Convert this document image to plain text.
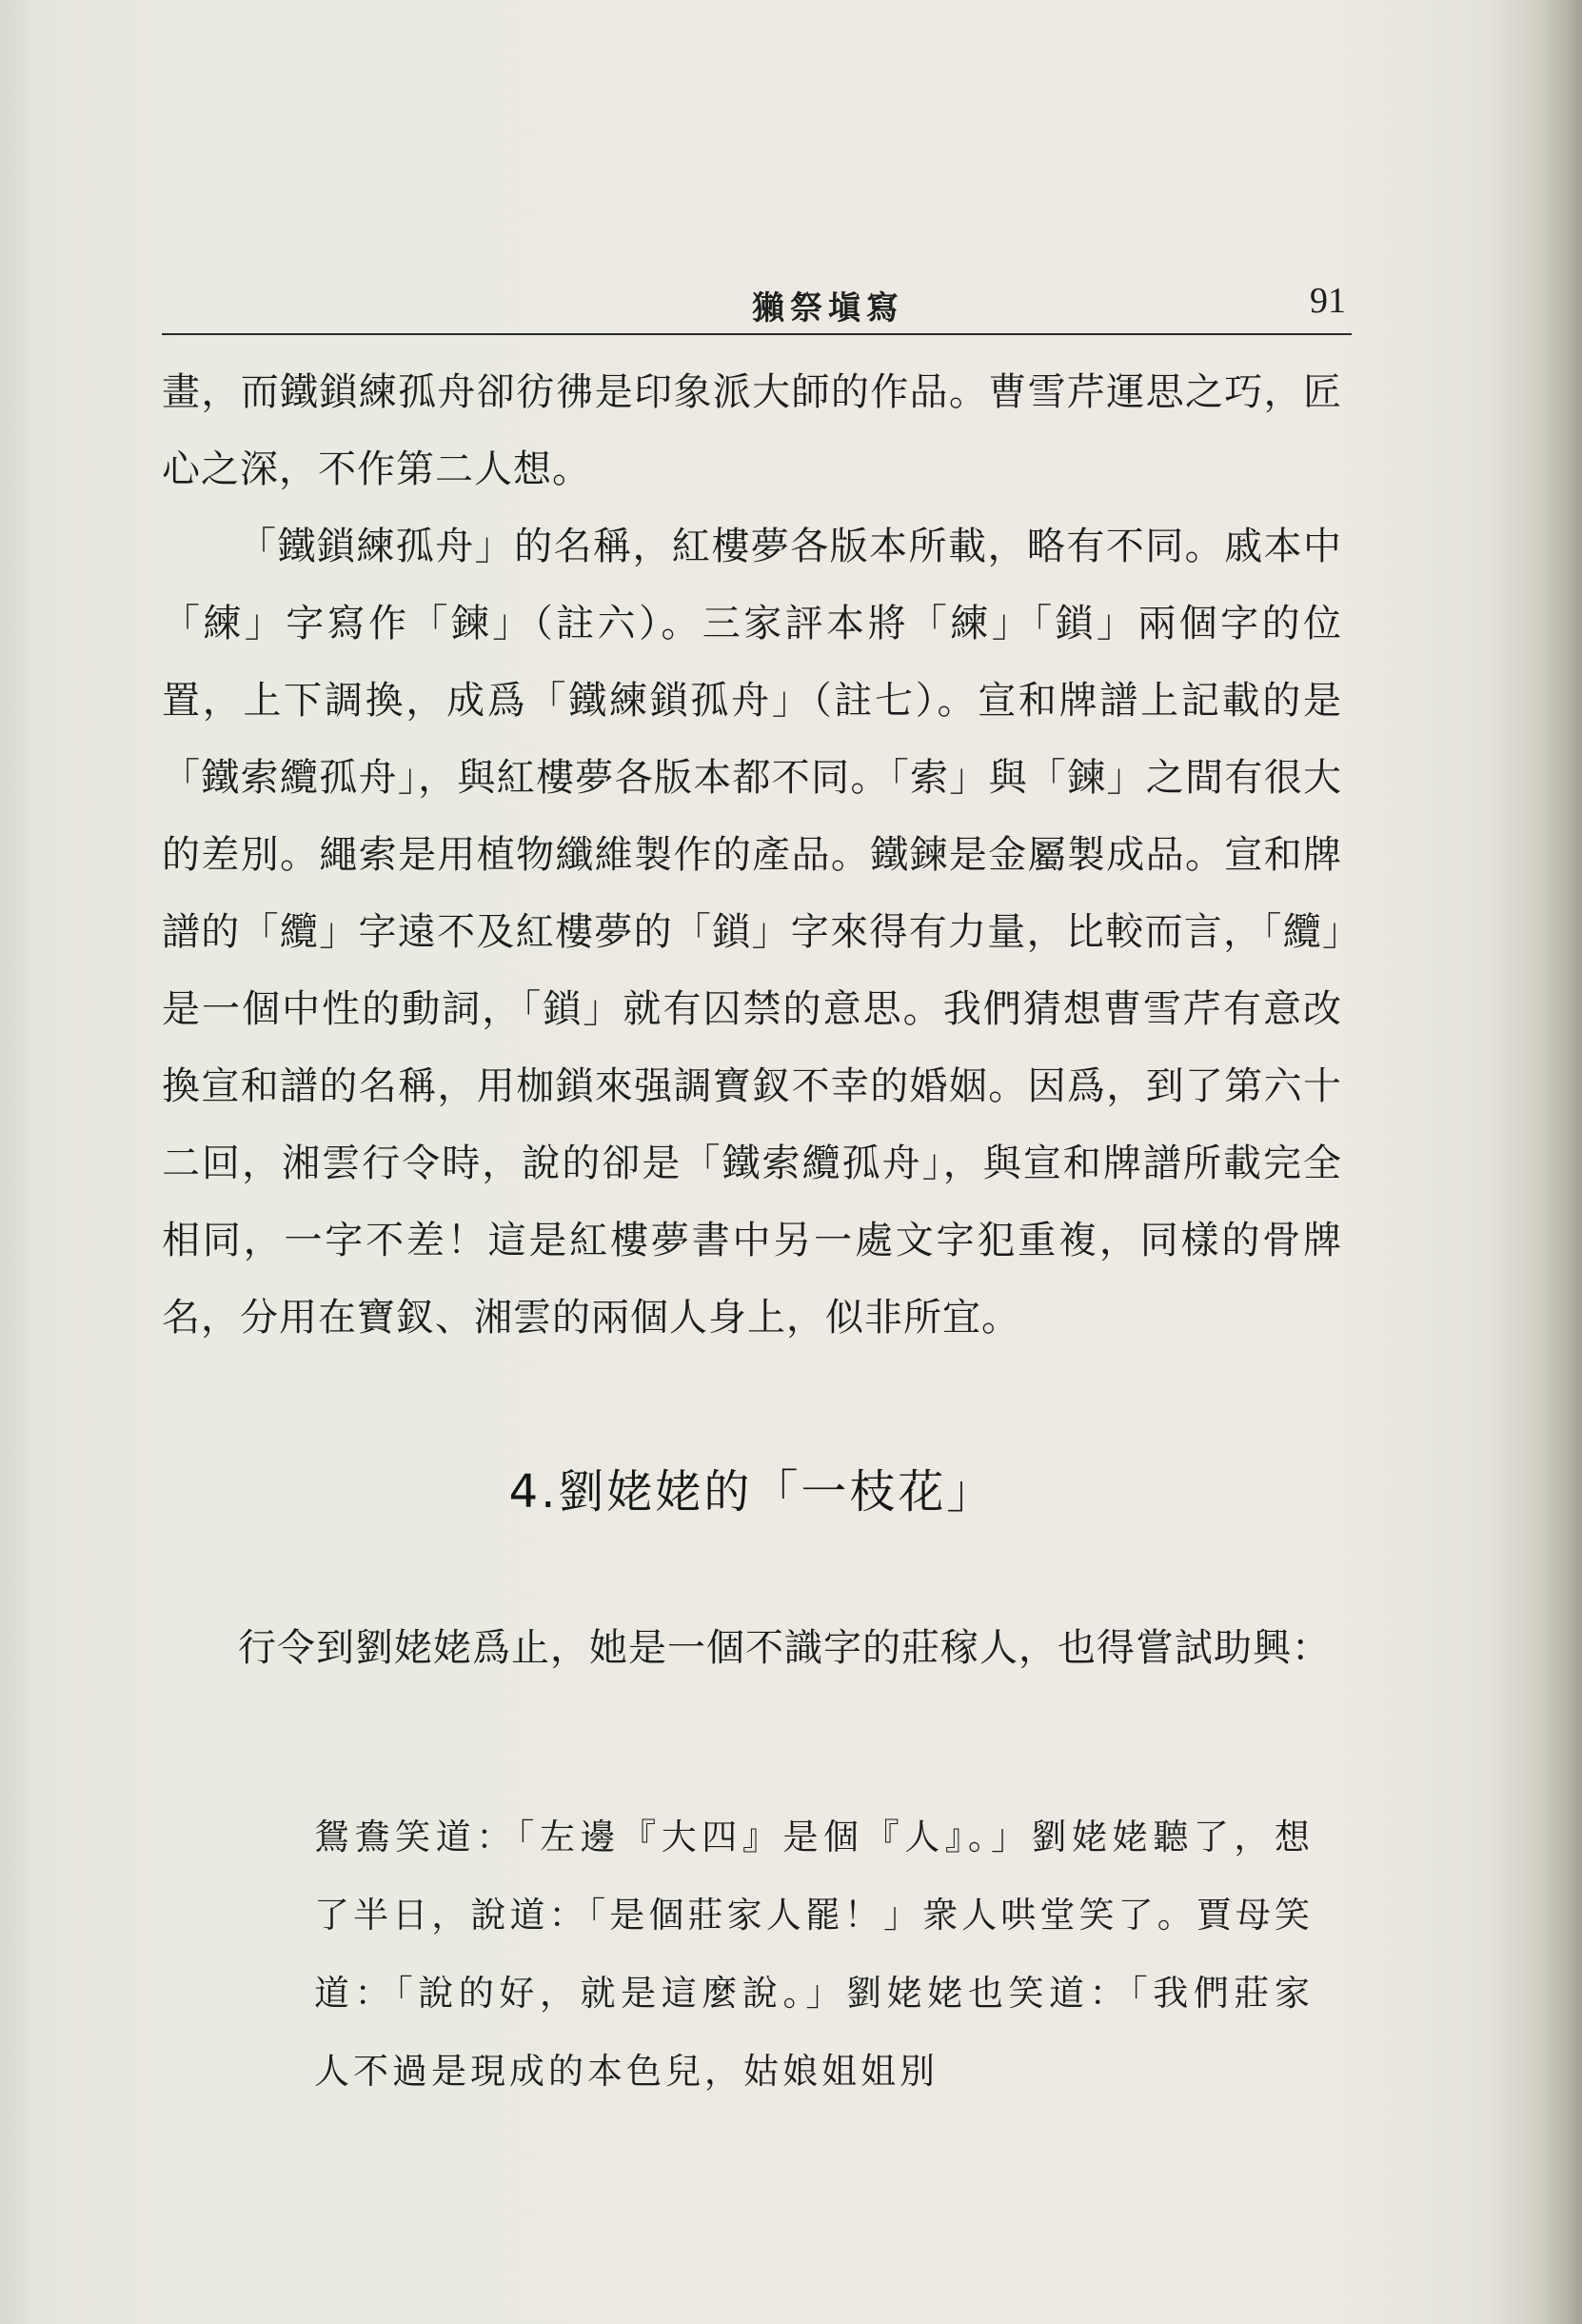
獺祭塡寫	91

畫，而鐵鎖練孤舟卻彷彿是印象派大師的作品。曹雪芹運思之巧，匠心之深，不作第二人想。

「鐵鎖練孤舟」的名稱，紅樓夢各版本所載，略有不同。戚本中「練」字寫作「鍊」（註六）。三家評本將「練」「鎖」兩個字的位置，上下調換，成爲「鐵練鎖孤舟」（註七）。宣和牌譜上記載的是「鐵索纜孤舟」，與紅樓夢各版本都不同。「索」與「鍊」之間有很大的差別。繩索是用植物纖維製作的產品。鐵鍊是金屬製成品。宣和牌譜的「纜」字遠不及紅樓夢的「鎖」字來得有力量，比較而言，「纜」是一個中性的動詞，「鎖」就有囚禁的意思。我們猜想曹雪芹有意改換宣和譜的名稱，用枷鎖來强調寶釵不幸的婚姻。因爲，到了第六十二回，湘雲行令時，說的卻是「鐵索纜孤舟」，與宣和牌譜所載完全相同，一字不差！這是紅樓夢書中另一處文字犯重複，同樣的骨牌名，分用在寶釵、湘雲的兩個人身上，似非所宜。

4.劉姥姥的「一枝花」

行令到劉姥姥爲止，她是一個不識字的莊稼人，也得嘗試助興：

鴛鴦笑道：「左邊『大四』是個『人』。」劉姥姥聽了，想了半日，說道：「是個莊家人罷！」衆人哄堂笑了。賈母笑道：「說的好，就是這麼說。」劉姥姥也笑道：「我們莊家人不過是現成的本色兒，姑娘姐姐別
